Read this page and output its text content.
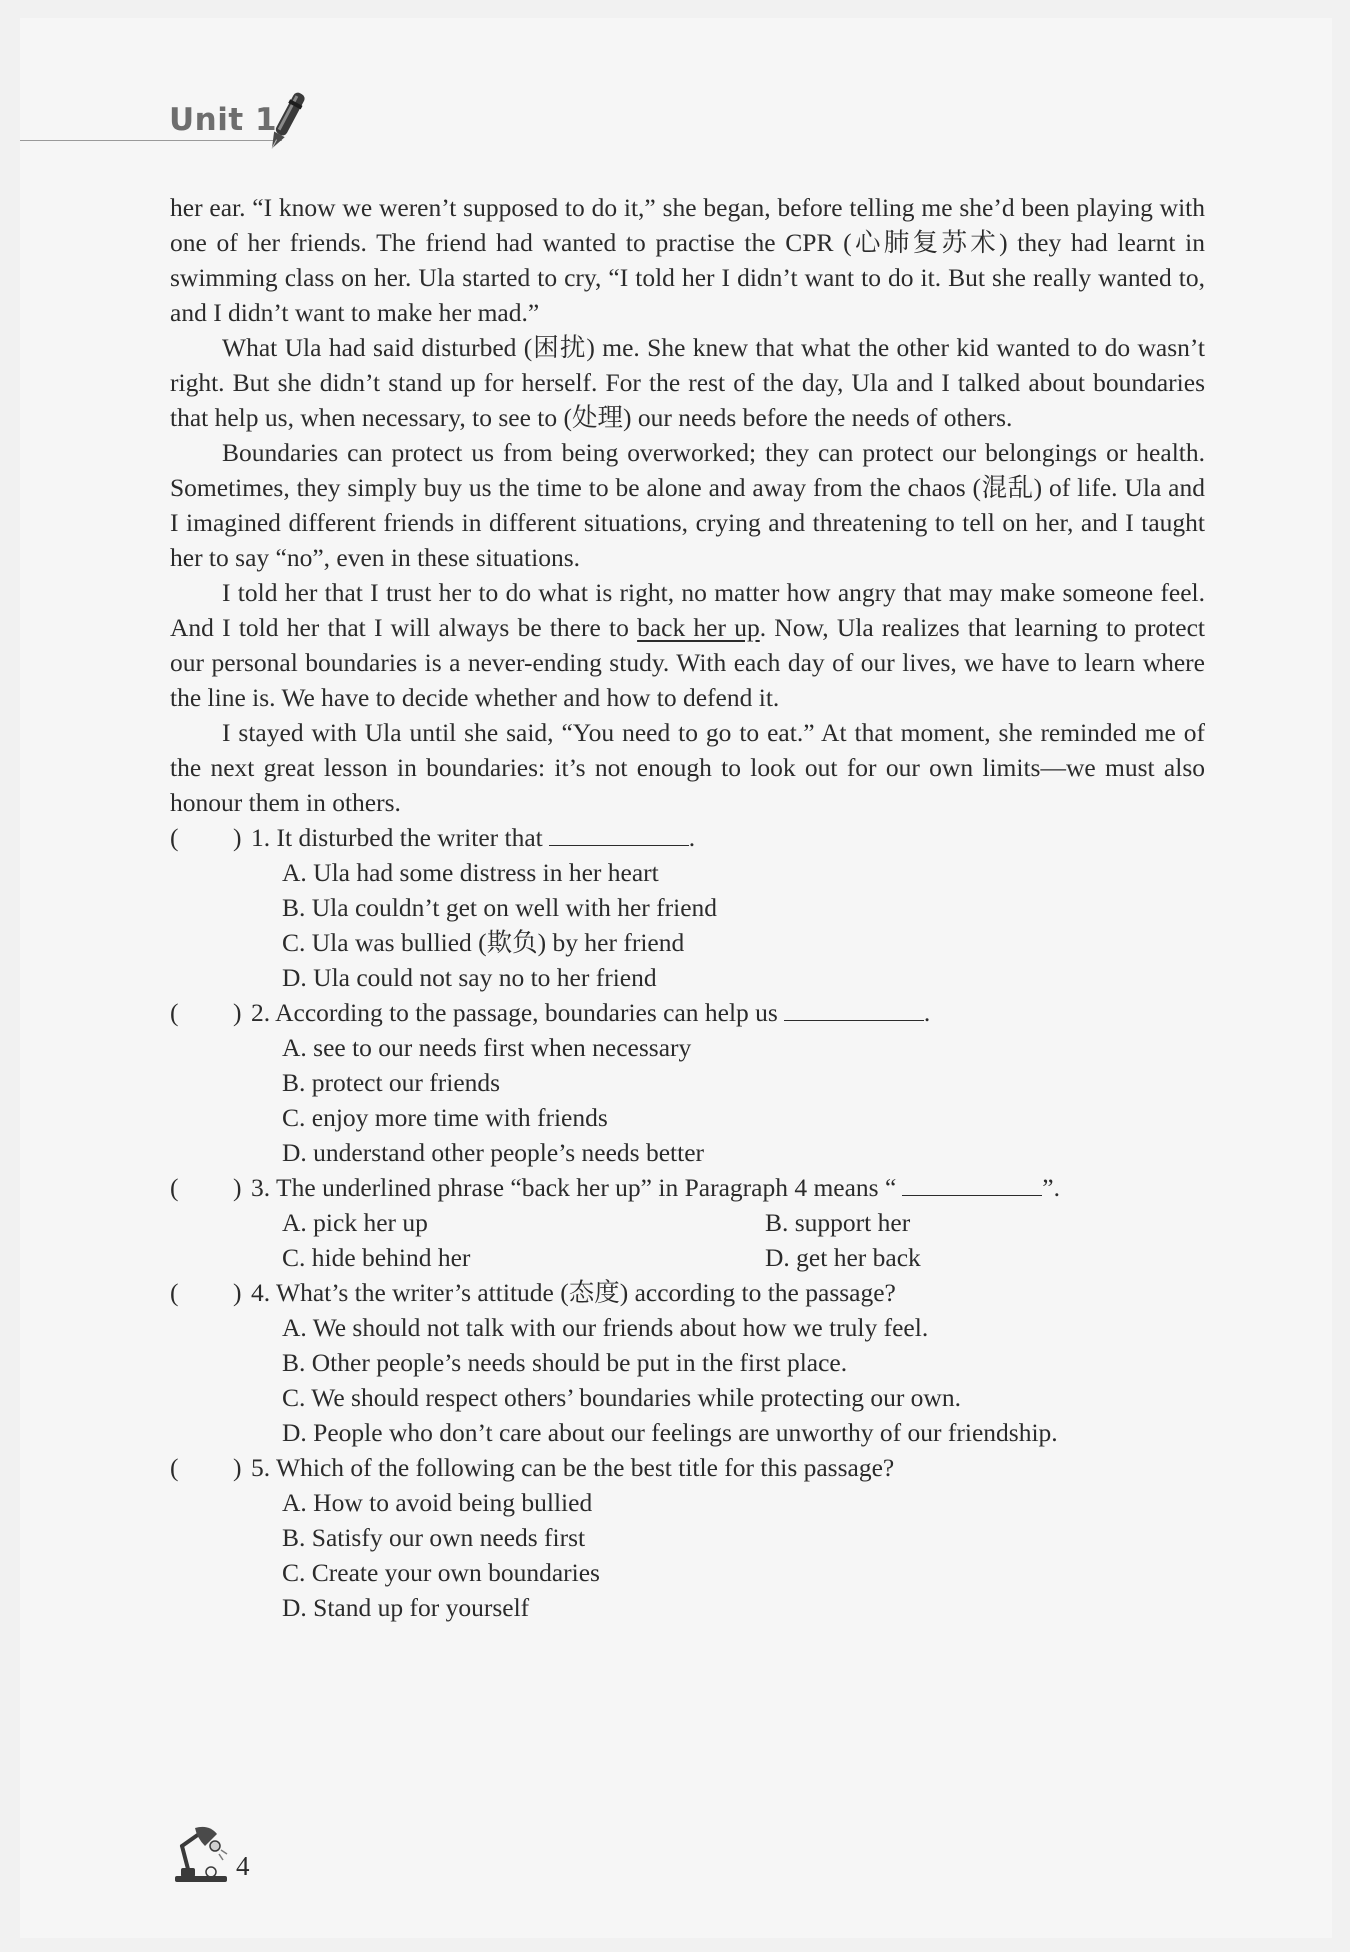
Unit 1

her ear. “I know we weren’t supposed to do it,” she began, before telling me she’d been playing with one of her friends. The friend had wanted to practise the CPR (心肺复苏术) they had learnt in swimming class on her. Ula started to cry, “I told her I didn’t want to do it. But she really wanted to, and I didn’t want to make her mad.”

What Ula had said disturbed (困扰) me. She knew that what the other kid wanted to do wasn’t right. But she didn’t stand up for herself. For the rest of the day, Ula and I talked about boundaries that help us, when necessary, to see to (处理) our needs before the needs of others.

Boundaries can protect us from being overworked; they can protect our belongings or health. Sometimes, they simply buy us the time to be alone and away from the chaos (混乱) of life. Ula and I imagined different friends in different situations, crying and threatening to tell on her, and I taught her to say “no”, even in these situations.

I told her that I trust her to do what is right, no matter how angry that may make someone feel. And I told her that I will always be there to back her up. Now, Ula realizes that learning to protect our personal boundaries is a never-ending study. With each day of our lives, we have to learn where the line is. We have to decide whether and how to defend it.

I stayed with Ula until she said, “You need to go to eat.” At that moment, she reminded me of the next great lesson in boundaries: it’s not enough to look out for our own limits—we must also honour them in others.

( ) 1. It disturbed the writer that	.
A. Ula had some distress in her heart
B. Ula couldn’t get on well with her friend
C. Ula was bullied (欺负) by her friend
D. Ula could not say no to her friend
( ) 2. According to the passage, boundaries can help us	.
A. see to our needs first when necessary
B. protect our friends
C. enjoy more time with friends
D. understand other people’s needs better
( ) 3. The underlined phrase “back her up” in Paragraph 4 means “	”.
A. pick her up	B. support her
C. hide behind her	D. get her back
( ) 4. What’s the writer’s attitude (态度) according to the passage?
A. We should not talk with our friends about how we truly feel.
B. Other people’s needs should be put in the first place.
C. We should respect others’ boundaries while protecting our own.
D. People who don’t care about our feelings are unworthy of our friendship.
( ) 5. Which of the following can be the best title for this passage?
A. How to avoid being bullied
B. Satisfy our own needs first
C. Create your own boundaries
D. Stand up for yourself
4
